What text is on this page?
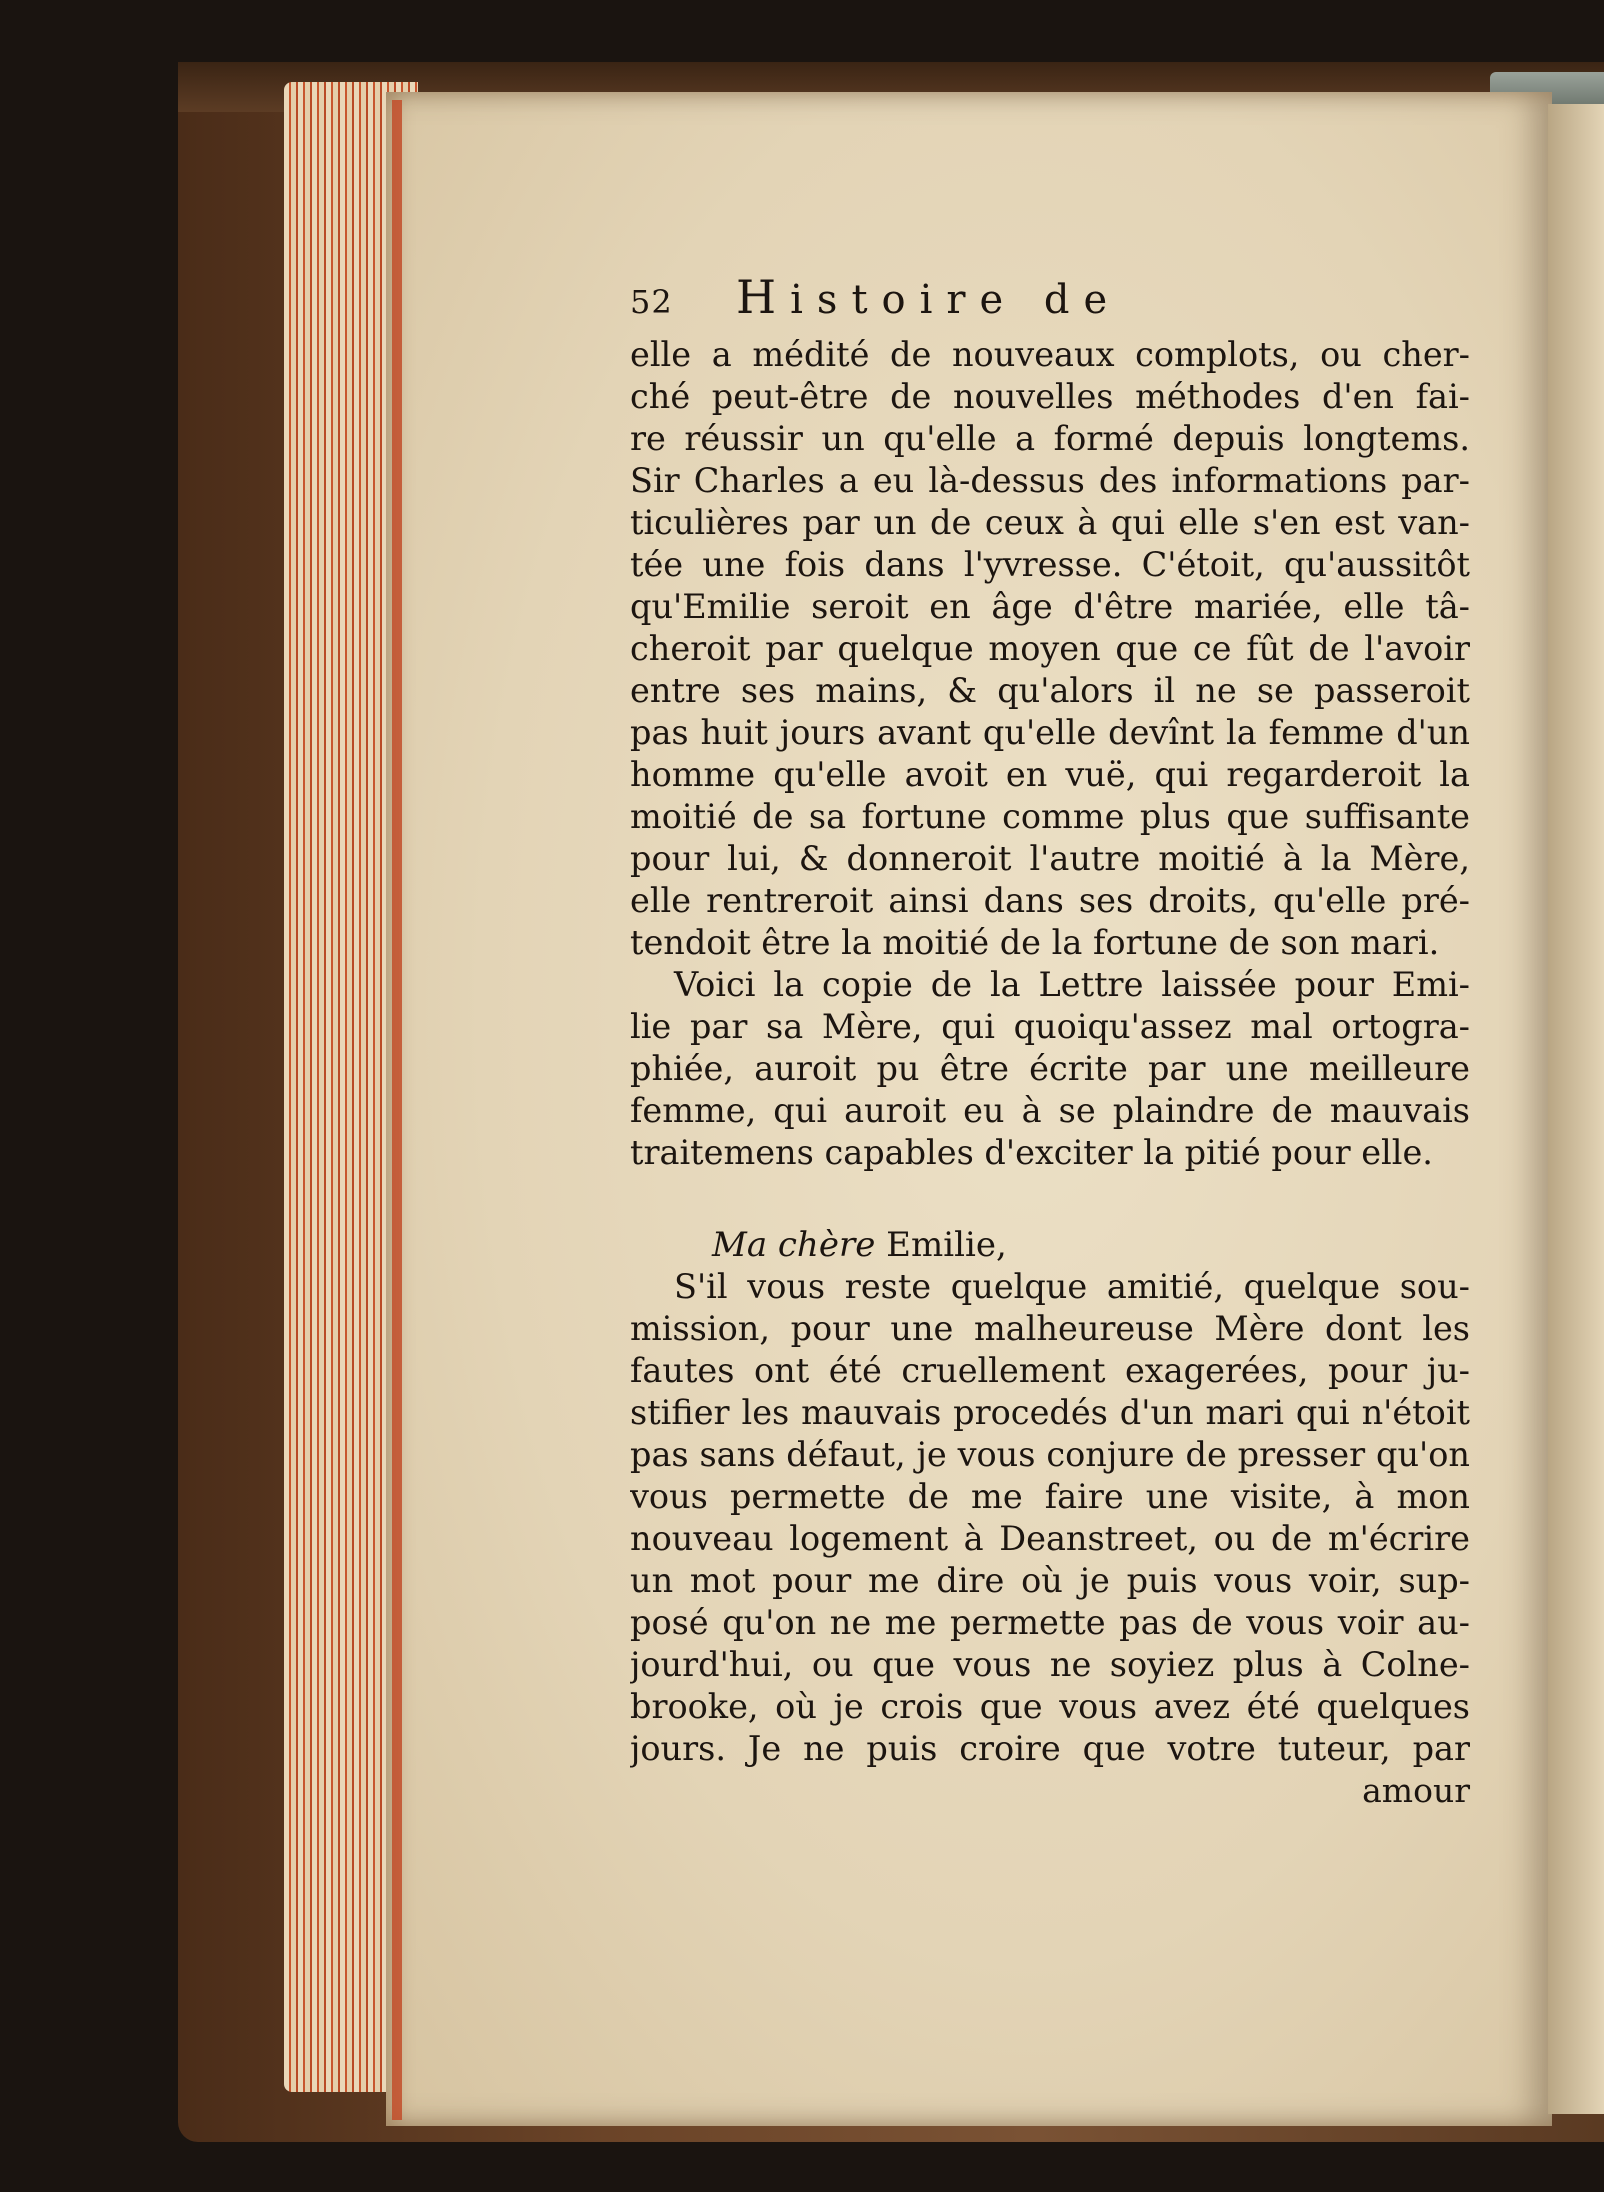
52	Histoire de
elle a médité de nouveaux complots, ou cher-
ché peut-être de nouvelles méthodes d'en fai-
re réussir un qu'elle a formé depuis longtems.
Sir Charles a eu là-dessus des informations par-
ticulières par un de ceux à qui elle s'en est van-
tée une fois dans l'yvresse. C'étoit, qu'aussitôt
qu'Emilie seroit en âge d'être mariée, elle tâ-
cheroit par quelque moyen que ce fût de l'avoir
entre ses mains, & qu'alors il ne se passeroit
pas huit jours avant qu'elle devînt la femme d'un
homme qu'elle avoit en vuë, qui regarderoit la
moitié de sa fortune comme plus que suffisante
pour lui, & donneroit l'autre moitié à la Mère,
elle rentreroit ainsi dans ses droits, qu'elle pré-
tendoit être la moitié de la fortune de son mari.
Voici la copie de la Lettre laissée pour Emi-
lie par sa Mère, qui quoiqu'assez mal ortogra-
phiée, auroit pu être écrite par une meilleure
femme, qui auroit eu à se plaindre de mauvais
traitemens capables d'exciter la pitié pour elle.
Ma chère Emilie,
S'il vous reste quelque amitié, quelque sou-
mission, pour une malheureuse Mère dont les
fautes ont été cruellement exagerées, pour ju-
stifier les mauvais procedés d'un mari qui n'étoit
pas sans défaut, je vous conjure de presser qu'on
vous permette de me faire une visite, à mon
nouveau logement à Deanstreet, ou de m'écrire
un mot pour me dire où je puis vous voir, sup-
posé qu'on ne me permette pas de vous voir au-
jourd'hui, ou que vous ne soyiez plus à Colne-
brooke, où je crois que vous avez été quelques
jours. Je ne puis croire que votre tuteur, par
amour
